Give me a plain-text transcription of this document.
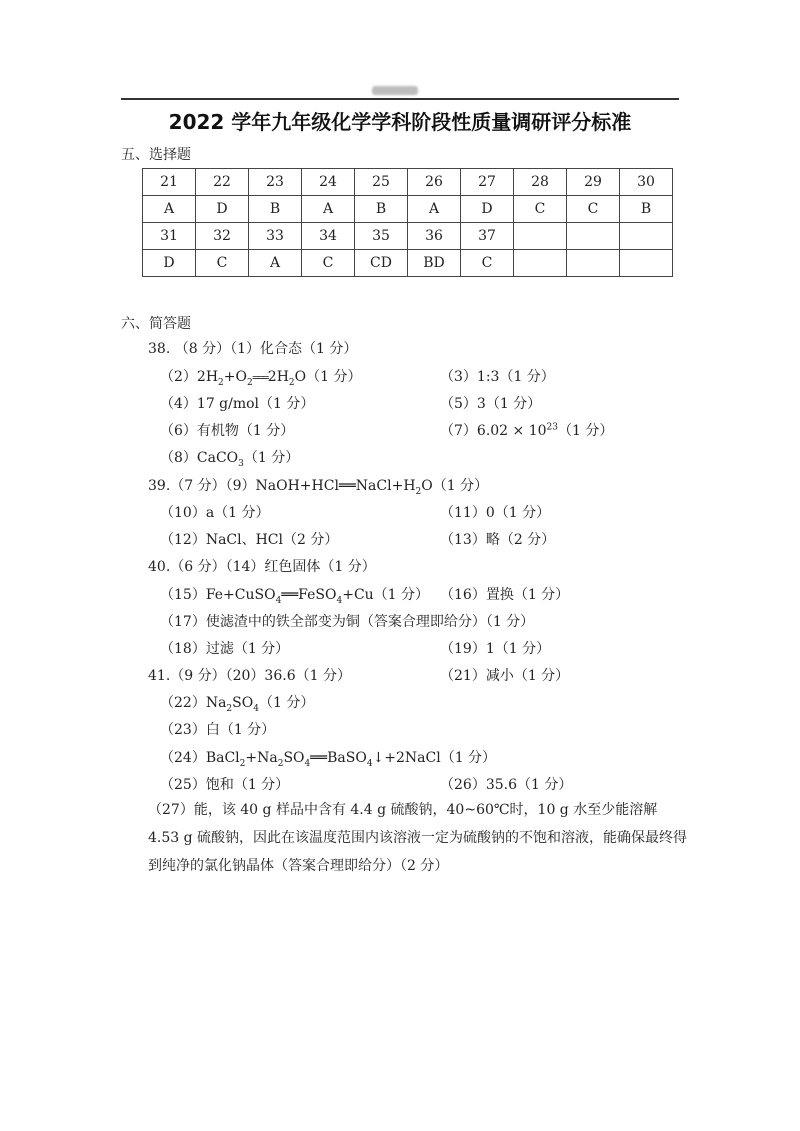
2022 学年九年级化学学科阶段性质量调研评分标准
五、选择题
21	22	23	24	25	26	27	28	29	30
A	D	B	A	B	A	D	C	C	B
31	32	33	34	35	36	37			
D	C	A	C	CD	BD	C			
六、简答题
38. （8 分）（1）化合态（1 分）
$(2)2H_2+O_2═══2H_2O(1$ 分）	（3）1:3（1 分）
（4）17 g/mol（1 分）	（5）3（1 分）
（6）有机物（1 分）	$(7)6.02 \times 10^{23}(1$ 分）
（8）CaCO$_3$（1 分）
39.（7 分）$(9)NaOH+HCl══NaCl+H_2O(1$ 分）
（10）a（1 分）	（11）0（1 分）
（12）NaCl、HCl（2 分）	（13）略（2 分）
40.（6 分）（14）红色固体（1 分）
（15）Fe+CuSO$_4$══FeSO$_4$+Cu（1 分） （16）置换（1 分）
（17）使滤渣中的铁全部变为铜（答案合理即给分）（1 分）
（18）过滤（1 分）	（19）1（1 分）
41.（9 分）（20）36.6（1 分）	（21）减小（1 分）
$(22)Na_2SO_4(1$ 分）
（23）白（1 分）
$(24)BaCl_2+Na_2SO_4══BaSO_4↓+2NaCl(1$ 分）
（25）饱和（1 分）	（26）35.6（1 分）
（27）能，该 40 g 样品中含有 4.4 g 硫酸钠，40~60℃时，10 g 水至少能溶解 4.53 g 硫酸钠，因此在该温度范围内该溶液一定为硫酸钠的不饱和溶液，能确保最终得到纯净的氯化钠晶体（答案合理即给分）（2 分）
